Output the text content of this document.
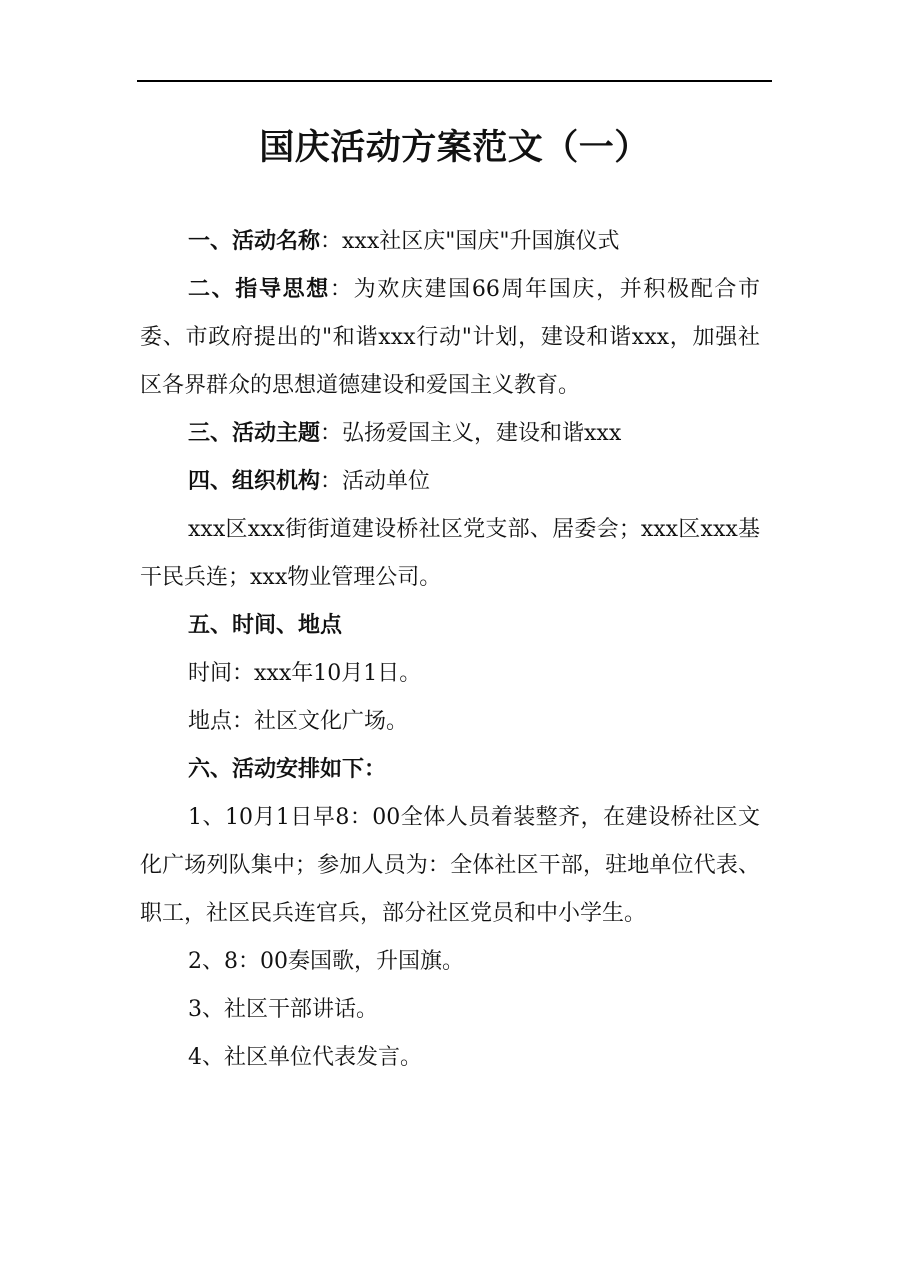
国庆活动方案范文（一）

一、活动名称：xxx社区庆"国庆"升国旗仪式

二、指导思想：为欢庆建国66周年国庆，并积极配合市委、市政府提出的"和谐xxx行动"计划，建设和谐xxx，加强社区各界群众的思想道德建设和爱国主义教育。

三、活动主题：弘扬爱国主义，建设和谐xxx

四、组织机构：活动单位

xxx区xxx街街道建设桥社区党支部、居委会；xxx区xxx基干民兵连；xxx物业管理公司。

五、时间、地点

时间：xxx年10月1日。

地点：社区文化广场。

六、活动安排如下：

1、10月1日早8：00全体人员着装整齐，在建设桥社区文化广场列队集中；参加人员为：全体社区干部，驻地单位代表、职工，社区民兵连官兵，部分社区党员和中小学生。

2、8：00奏国歌，升国旗。

3、社区干部讲话。

4、社区单位代表发言。
